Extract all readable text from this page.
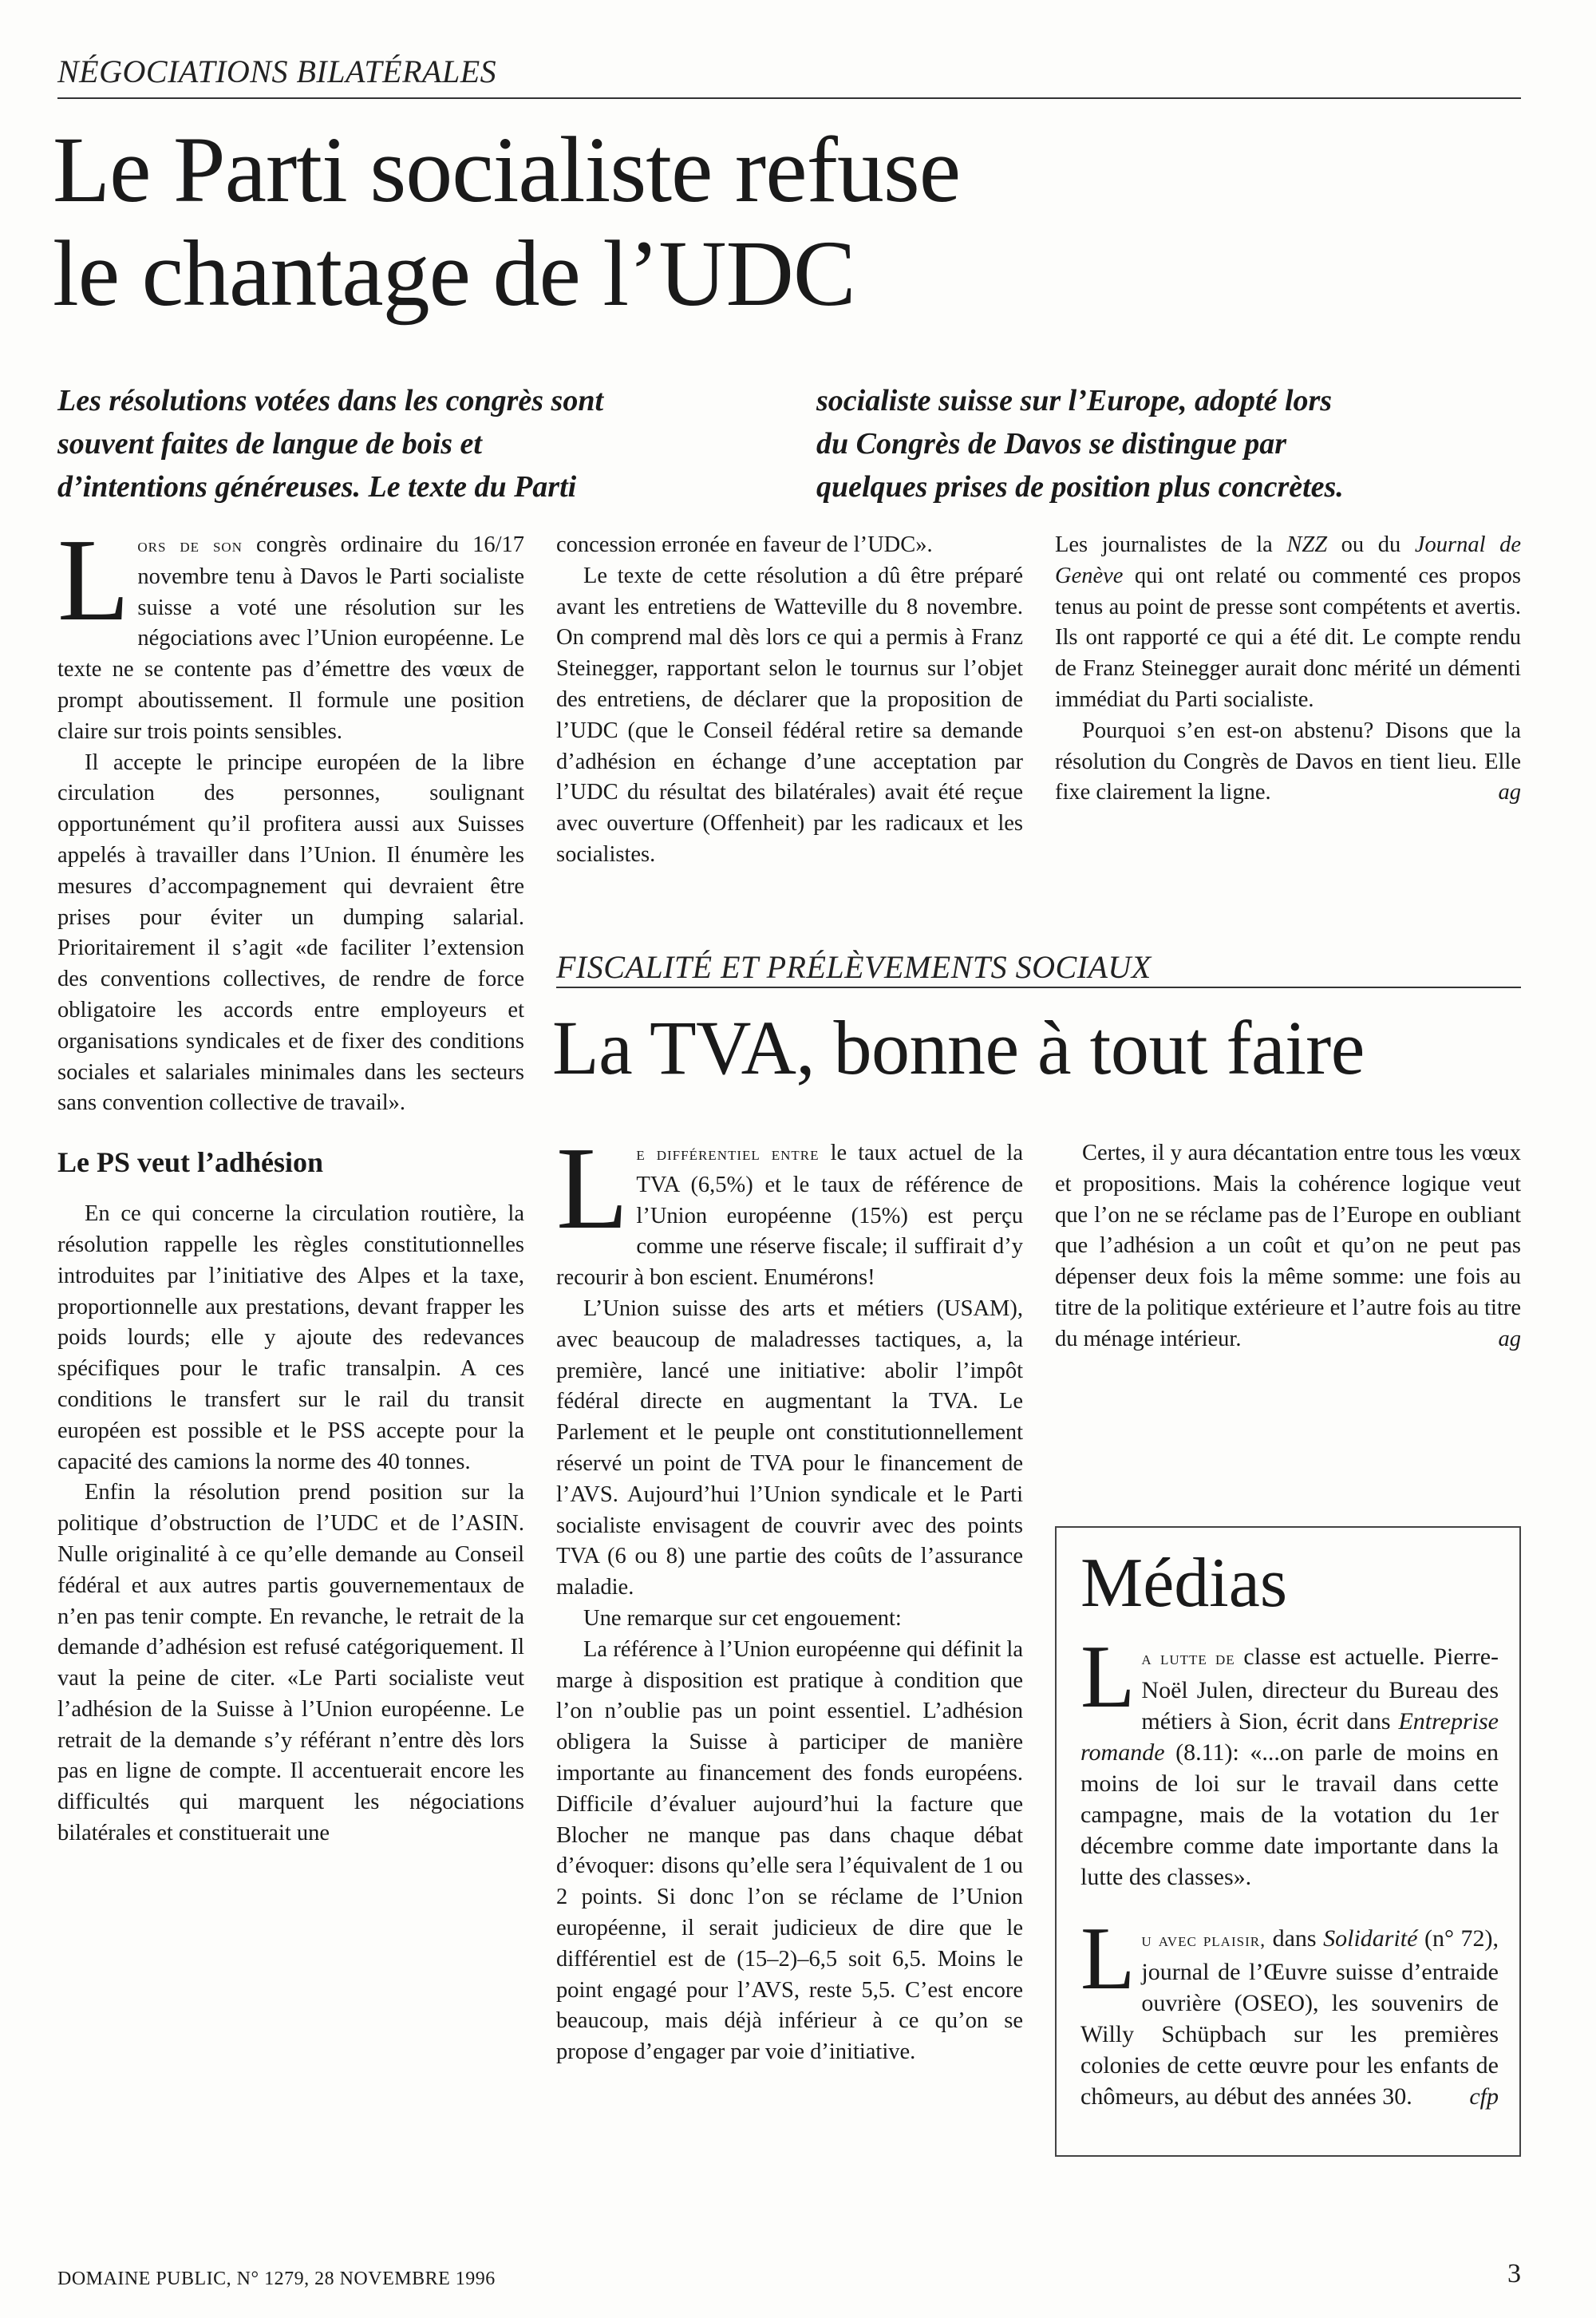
NÉGOCIATIONS BILATÉRALES
Le Parti socialiste refuse
le chantage de l’UDC
Les résolutions votées dans les congrès sont
souvent faites de langue de bois et
d’intentions généreuses. Le texte du Parti
socialiste suisse sur l’Europe, adopté lors
du Congrès de Davos se distingue par
quelques prises de position plus concrètes.

Lors de son congrès ordinaire du 16/17 novembre tenu à Davos le Parti socialiste suisse a voté une résolution sur les négociations avec l’Union européenne. Le texte ne se contente pas d’émettre des vœux de prompt aboutissement. Il formule une position claire sur trois points sensibles.

Il accepte le principe européen de la libre circulation des personnes, soulignant opportunément qu’il profitera aussi aux Suisses appelés à travailler dans l’Union. Il énumère les mesures d’accompagnement qui devraient être prises pour éviter un dumping salarial. Prioritairement il s’agit «de faciliter l’extension des conventions collectives, de rendre de force obligatoire les accords entre employeurs et organisations syndicales et de fixer des conditions sociales et salariales minimales dans les secteurs sans convention collective de travail».

Le PS veut l’adhésion

En ce qui concerne la circulation routière, la résolution rappelle les règles constitutionnelles introduites par l’initiative des Alpes et la taxe, proportionnelle aux prestations, devant frapper les poids lourds; elle y ajoute des redevances spécifiques pour le trafic transalpin. A ces conditions le transfert sur le rail du transit européen est possible et le PSS accepte pour la capacité des camions la norme des 40 tonnes.

Enfin la résolution prend position sur la politique d’obstruction de l’UDC et de l’ASIN. Nulle originalité à ce qu’elle demande au Conseil fédéral et aux autres partis gouvernementaux de n’en pas tenir compte. En revanche, le retrait de la demande d’adhésion est refusé catégoriquement. Il vaut la peine de citer. «Le Parti socialiste veut l’adhésion de la Suisse à l’Union européenne. Le retrait de la demande s’y référant n’entre dès lors pas en ligne de compte. Il accentuerait encore les difficultés qui marquent les négociations bilatérales et constituerait une

concession erronée en faveur de l’UDC».

Le texte de cette résolution a dû être préparé avant les entretiens de Watteville du 8 novembre. On comprend mal dès lors ce qui a permis à Franz Steinegger, rapportant selon le tournus sur l’objet des entretiens, de déclarer que la proposition de l’UDC (que le Conseil fédéral retire sa demande d’adhésion en échange d’une acceptation par l’UDC du résultat des bilatérales) avait été reçue avec ouverture (Offenheit) par les radicaux et les socialistes.

Les journalistes de la NZZ ou du Journal de Genève qui ont relaté ou commenté ces propos tenus au point de presse sont compétents et avertis. Ils ont rapporté ce qui a été dit. Le compte rendu de Franz Steinegger aurait donc mérité un démenti immédiat du Parti socialiste.

Pourquoi s’en est-on abstenu? Disons que la résolution du Congrès de Davos en tient lieu. Elle fixe clairement la ligne.	ag

FISCALITÉ ET PRÉLÈVEMENTS SOCIAUX
La TVA, bonne à tout faire

Le différentiel entre le taux actuel de la TVA (6,5%) et le taux de référence de l’Union européenne (15%) est perçu comme une réserve fiscale; il suffirait d’y recourir à bon escient. Enumérons!

L’Union suisse des arts et métiers (USAM), avec beaucoup de maladresses tactiques, a, la première, lancé une initiative: abolir l’impôt fédéral directe en augmentant la TVA. Le Parlement et le peuple ont constitutionnellement réservé un point de TVA pour le financement de l’AVS. Aujourd’hui l’Union syndicale et le Parti socialiste envisagent de couvrir avec des points TVA (6 ou 8) une partie des coûts de l’assurance maladie.

Une remarque sur cet engouement:

La référence à l’Union européenne qui définit la marge à disposition est pratique à condition que l’on n’oublie pas un point essentiel. L’adhésion obligera la Suisse à participer de manière importante au financement des fonds européens. Difficile d’évaluer aujourd’hui la facture que Blocher ne manque pas dans chaque débat d’évoquer: disons qu’elle sera l’équivalent de 1 ou 2 points. Si donc l’on se réclame de l’Union européenne, il serait judicieux de dire que le différentiel est de (15–2)–6,5 soit 6,5. Moins le point engagé pour l’AVS, reste 5,5. C’est encore beaucoup, mais déjà inférieur à ce qu’on se propose d’engager par voie d’initiative.

Certes, il y aura décantation entre tous les vœux et propositions. Mais la cohérence logique veut que l’on ne se réclame pas de l’Europe en oubliant que l’adhésion a un coût et qu’on ne peut pas dépenser deux fois la même somme: une fois au titre de la politique extérieure et l’autre fois au titre du ménage intérieur.	ag

Médias

La lutte de classe est actuelle. Pierre-Noël Julen, directeur du Bureau des métiers à Sion, écrit dans Entreprise romande (8.11): «...on parle de moins en moins de loi sur le travail dans cette campagne, mais de la votation du 1er décembre comme date importante dans la lutte des classes».

Lu avec plaisir, dans Solidarité (n° 72), journal de l’Œuvre suisse d’entraide ouvrière (OSEO), les souvenirs de Willy Schüpbach sur les premières colonies de cette œuvre pour les enfants de chômeurs, au début des années 30. cfp

DOMAINE PUBLIC, N° 1279, 28 NOVEMBRE 1996	3
